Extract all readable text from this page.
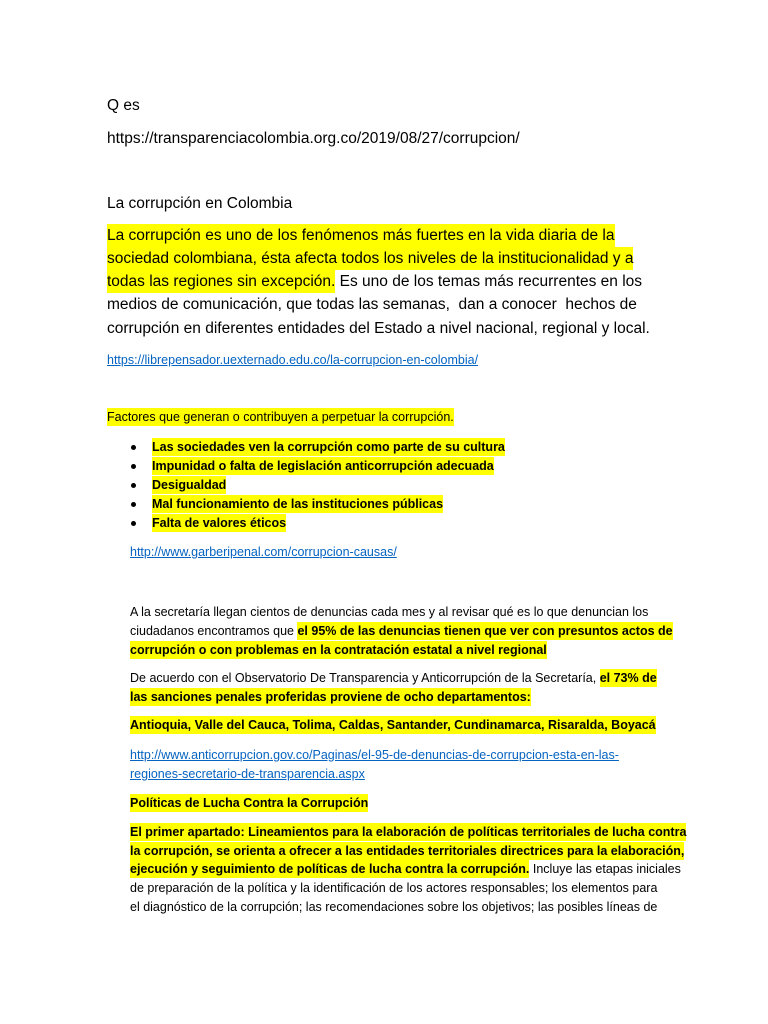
Q es
https://transparenciacolombia.org.co/2019/08/27/corrupcion/
La corrupción en Colombia
La corrupción es uno de los fenómenos más fuertes en la vida diaria de la
sociedad colombiana, ésta afecta todos los niveles de la institucionalidad y a
todas las regiones sin excepción. Es uno de los temas más recurrentes en los
medios de comunicación, que todas las semanas,  dan a conocer  hechos de
corrupción en diferentes entidades del Estado a nivel nacional, regional y local.
https://librepensador.uexternado.edu.co/la-corrupcion-en-colombia/
Factores que generan o contribuyen a perpetuar la corrupción.
Las sociedades ven la corrupción como parte de su cultura
Impunidad o falta de legislación anticorrupción adecuada
Desigualdad
Mal funcionamiento de las instituciones públicas
Falta de valores éticos
http://www.garberipenal.com/corrupcion-causas/
A la secretaría llegan cientos de denuncias cada mes y al revisar qué es lo que denuncian los
ciudadanos encontramos que el 95% de las denuncias tienen que ver con presuntos actos de
corrupción o con problemas en la contratación estatal a nivel regional
De acuerdo con el Observatorio De Transparencia y Anticorrupción de la Secretaría, el 73% de
las sanciones penales proferidas proviene de ocho departamentos:
Antioquia, Valle del Cauca, Tolima, Caldas, Santander, Cundinamarca, Risaralda, Boyacá
http://www.anticorrupcion.gov.co/Paginas/el-95-de-denuncias-de-corrupcion-esta-en-las-
regiones-secretario-de-transparencia.aspx
Políticas de Lucha Contra la Corrupción
El primer apartado: Lineamientos para la elaboración de políticas territoriales de lucha contra
la corrupción, se orienta a ofrecer a las entidades territoriales directrices para la elaboración,
ejecución y seguimiento de políticas de lucha contra la corrupción. Incluye las etapas iniciales
de preparación de la política y la identificación de los actores responsables; los elementos para
el diagnóstico de la corrupción; las recomendaciones sobre los objetivos; las posibles líneas de
